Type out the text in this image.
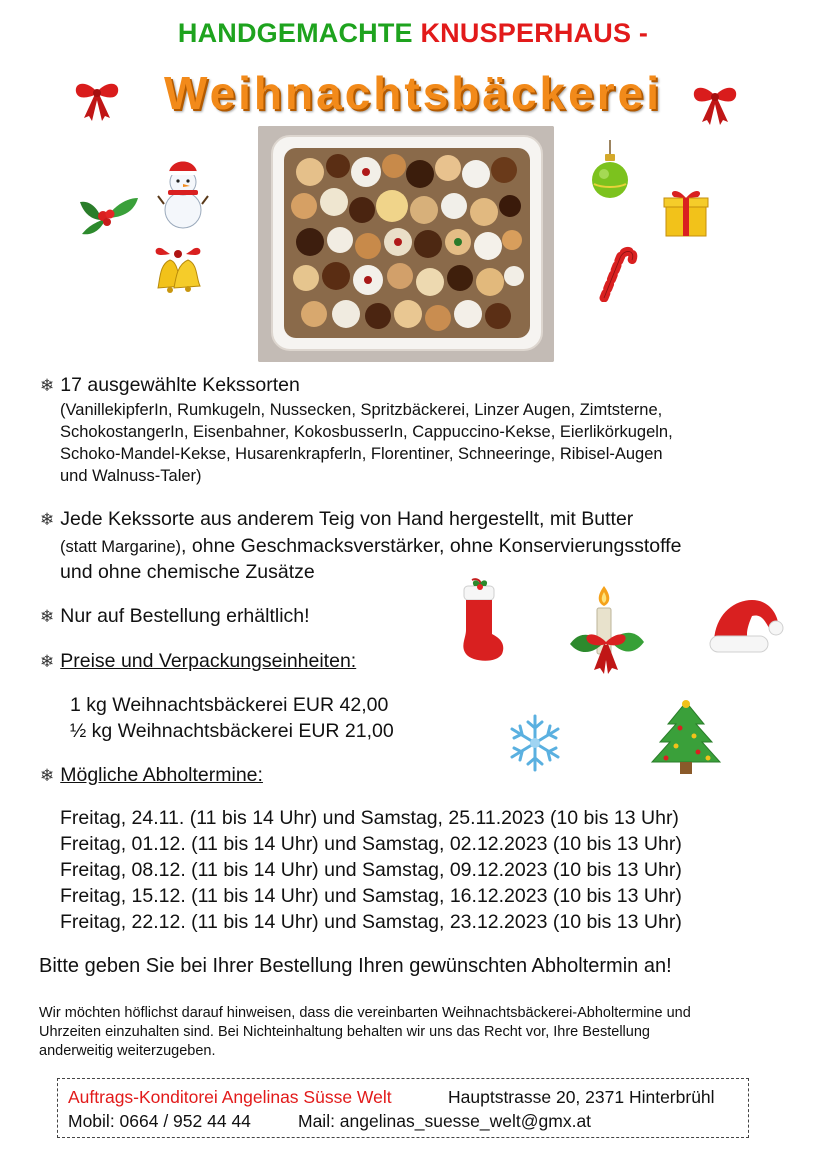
HANDGEMACHTE KNUSPERHAUS -
Weihnachtsbäckerei
❄ 17 ausgewählte Kekssorten
(VanillekipferIn, Rumkugeln, Nussecken, Spritzbäckerei, Linzer Augen, Zimtsterne,
SchokostangerIn, Eisenbahner, KokosbusserIn, Cappuccino-Kekse, Eierlikörkugeln,
Schoko-Mandel-Kekse, Husarenkrapferln, Florentiner, Schneeringe, Ribisel-Augen
und Walnuss-Taler)
❄ Jede Kekssorte aus anderem Teig von Hand hergestellt, mit Butter
(statt Margarine), ohne Geschmacksverstärker, ohne Konservierungsstoffe
und ohne chemische Zusätze
❄ Nur auf Bestellung erhältlich!
❄ Preise und Verpackungseinheiten:
1 kg Weihnachtsbäckerei EUR 42,00
½ kg Weihnachtsbäckerei EUR 21,00
❄ Mögliche Abholtermine:
Freitag, 24.11. (11 bis 14 Uhr) und Samstag, 25.11.2023 (10 bis 13 Uhr)
Freitag, 01.12. (11 bis 14 Uhr) und Samstag, 02.12.2023 (10 bis 13 Uhr)
Freitag, 08.12. (11 bis 14 Uhr) und Samstag, 09.12.2023 (10 bis 13 Uhr)
Freitag, 15.12. (11 bis 14 Uhr) und Samstag, 16.12.2023 (10 bis 13 Uhr)
Freitag, 22.12. (11 bis 14 Uhr) und Samstag, 23.12.2023 (10 bis 13 Uhr)
Bitte geben Sie bei Ihrer Bestellung Ihren gewünschten Abholtermin an!
Wir möchten höflichst darauf hinweisen, dass die vereinbarten Weihnachtsbäckerei-Abholtermine und
Uhrzeiten einzuhalten sind. Bei Nichteinhaltung behalten wir uns das Recht vor, Ihre Bestellung
anderweitig weiterzugeben.
Auftrags-Konditorei Angelinas Süsse Welt	Hauptstrasse 20, 2371 Hinterbrühl
Mobil: 0664 / 952 44 44	Mail: angelinas_suesse_welt@gmx.at
